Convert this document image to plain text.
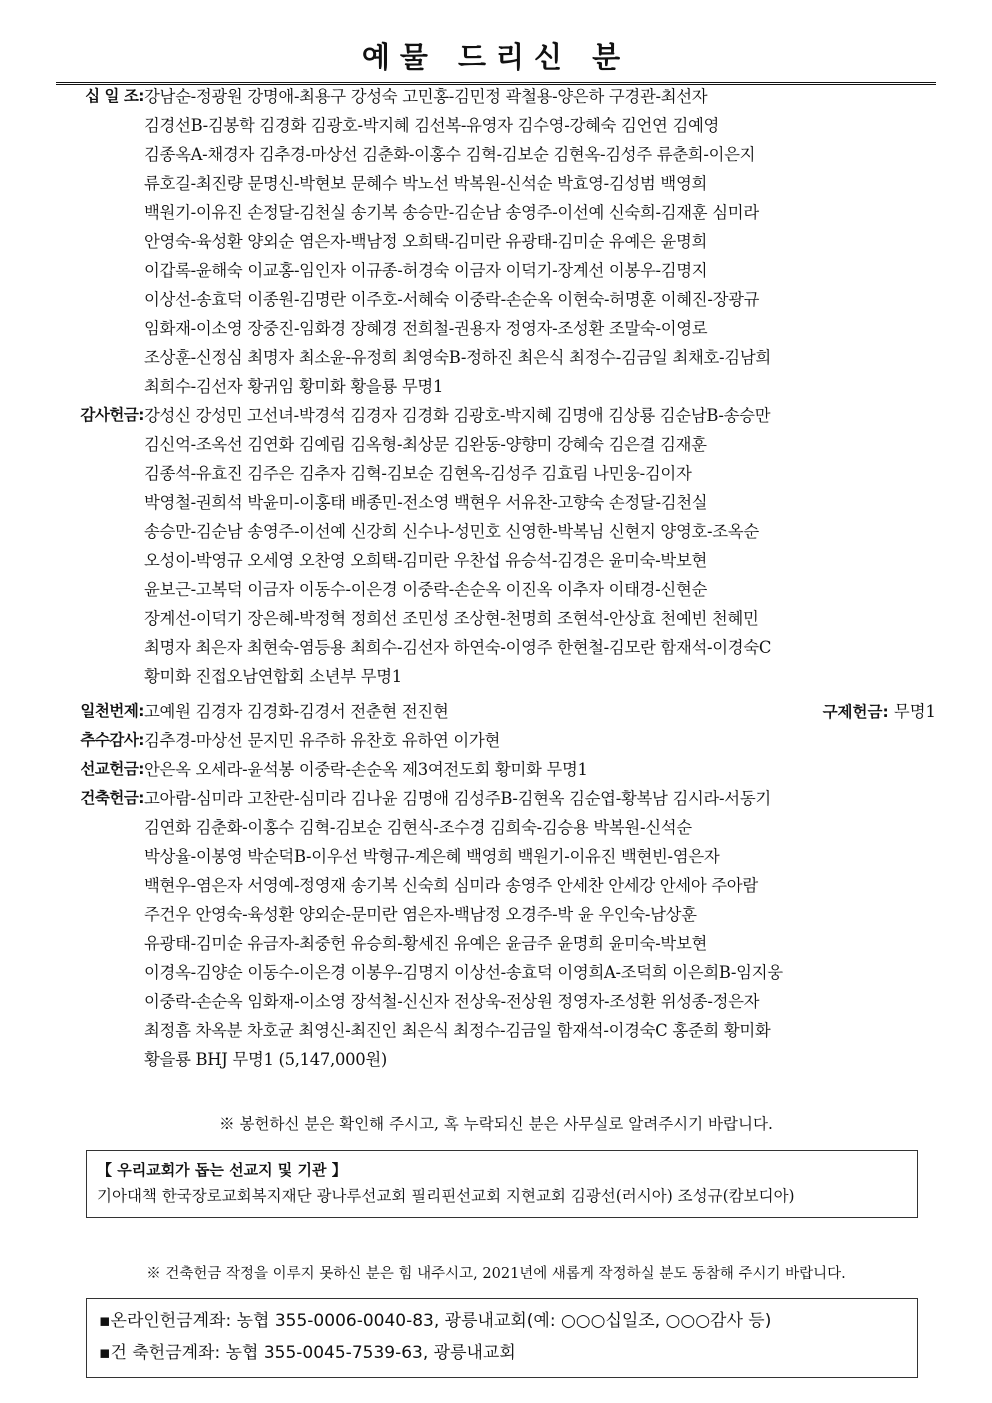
예물 드리신 분
십 일 조: 강남순-정광원 강명애-최용구 강성숙 고민홍-김민정 곽철용-양은하 구경관-최선자
김경선B-김봉학 김경화 김광호-박지혜 김선복-유영자 김수영-강혜숙 김언연 김예영
김종옥A-채경자 김추경-마상선 김춘화-이홍수 김혁-김보순 김현옥-김성주 류춘희-이은지
류호길-최진량 문명신-박현보 문혜수 박노선 박복원-신석순 박효영-김성범 백영희
백원기-이유진 손정달-김천실 송기복 송승만-김순남 송영주-이선예 신숙희-김재훈 심미라
안영숙-육성환 양외순 염은자-백남정 오희택-김미란 유광태-김미순 유예은 윤명희
이갑록-윤해숙 이교홍-임인자 이규종-허경숙 이금자 이덕기-장계선 이봉우-김명지
이상선-송효덕 이종원-김명란 이주호-서혜숙 이중락-손순옥 이현숙-허명훈 이혜진-장광규
임화재-이소영 장중진-임화경 장혜경 전희철-권용자 정영자-조성환 조말숙-이영로
조상훈-신정심 최명자 최소윤-유정희 최영숙B-정하진 최은식 최정수-김금일 최채호-김남희
최희수-김선자 황귀임 황미화 황을룡 무명1
감사헌금: 강성신 강성민 고선녀-박경석 김경자 김경화 김광호-박지혜 김명애 김상룡 김순남B-송승만
김신억-조옥선 김연화 김예림 김옥형-최상문 김완동-양향미 강혜숙 김은결 김재훈
김종석-유효진 김주은 김추자 김혁-김보순 김현옥-김성주 김효림 나민웅-김이자
박영철-권희석 박윤미-이홍태 배종민-전소영 백현우 서유찬-고향숙 손정달-김천실
송승만-김순남 송영주-이선예 신강희 신수나-성민호 신영한-박복님 신현지 양영호-조옥순
오성이-박영규 오세영 오찬영 오희택-김미란 우찬섭 유승석-김경은 윤미숙-박보현
윤보근-고복덕 이금자 이동수-이은경 이중락-손순옥 이진옥 이추자 이태경-신현순
장계선-이덕기 장은혜-박정혁 정희선 조민성 조상현-천명희 조현석-안상효 천예빈 천혜민
최명자 최은자 최현숙-염등용 최희수-김선자 하연숙-이영주 한현철-김모란 함재석-이경숙C
황미화 진접오남연합회 소년부 무명1
일천번제: 고예원 김경자 김경화-김경서 전춘현 전진현	구제헌금: 무명1
추수감사: 김추경-마상선 문지민 유주하 유찬호 유하연 이가현
선교헌금: 안은옥 오세라-윤석봉 이중락-손순옥 제3여전도회 황미화 무명1
건축헌금: 고아람-심미라 고찬란-심미라 김나윤 김명애 김성주B-김현옥 김순엽-황복남 김시라-서동기
김연화 김춘화-이홍수 김혁-김보순 김현식-조수경 김희숙-김승용 박복원-신석순
박상율-이봉영 박순덕B-이우선 박형규-계은혜 백영희 백원기-이유진 백현빈-염은자
백현우-염은자 서영예-정영재 송기복 신숙희 심미라 송영주 안세찬 안세강 안세아 주아람
주건우 안영숙-육성환 양외순-문미란 염은자-백남정 오경주-박 윤 우인숙-남상훈
유광태-김미순 유금자-최중헌 유승희-황세진 유예은 윤금주 윤명희 윤미숙-박보현
이경옥-김양순 이동수-이은경 이봉우-김명지 이상선-송효덕 이영희A-조덕희 이은희B-임지웅
이중락-손순옥 임화재-이소영 장석철-신신자 전상욱-전상원 정영자-조성환 위성종-정은자
최정흠 차옥분 차호균 최영신-최진인 최은식 최정수-김금일 함재석-이경숙C 홍준희 황미화
황을룡 BHJ 무명1 (5,147,000원)
※ 봉헌하신 분은 확인해 주시고, 혹 누락되신 분은 사무실로 알려주시기 바랍니다.
【 우리교회가 돕는 선교지 및 기관 】
기아대책 한국장로교회복지재단 광나루선교회 필리핀선교회 지현교회 김광선(러시아) 조성규(캄보디아)
※ 건축헌금 작정을 이루지 못하신 분은 힘 내주시고, 2021년에 새롭게 작정하실 분도 동참해 주시기 바랍니다.
▪온라인헌금계좌: 농협 355-0006-0040-83, 광릉내교회(예: ○○○십일조, ○○○감사 등)
▪건 축헌금계좌: 농협 355-0045-7539-63, 광릉내교회
